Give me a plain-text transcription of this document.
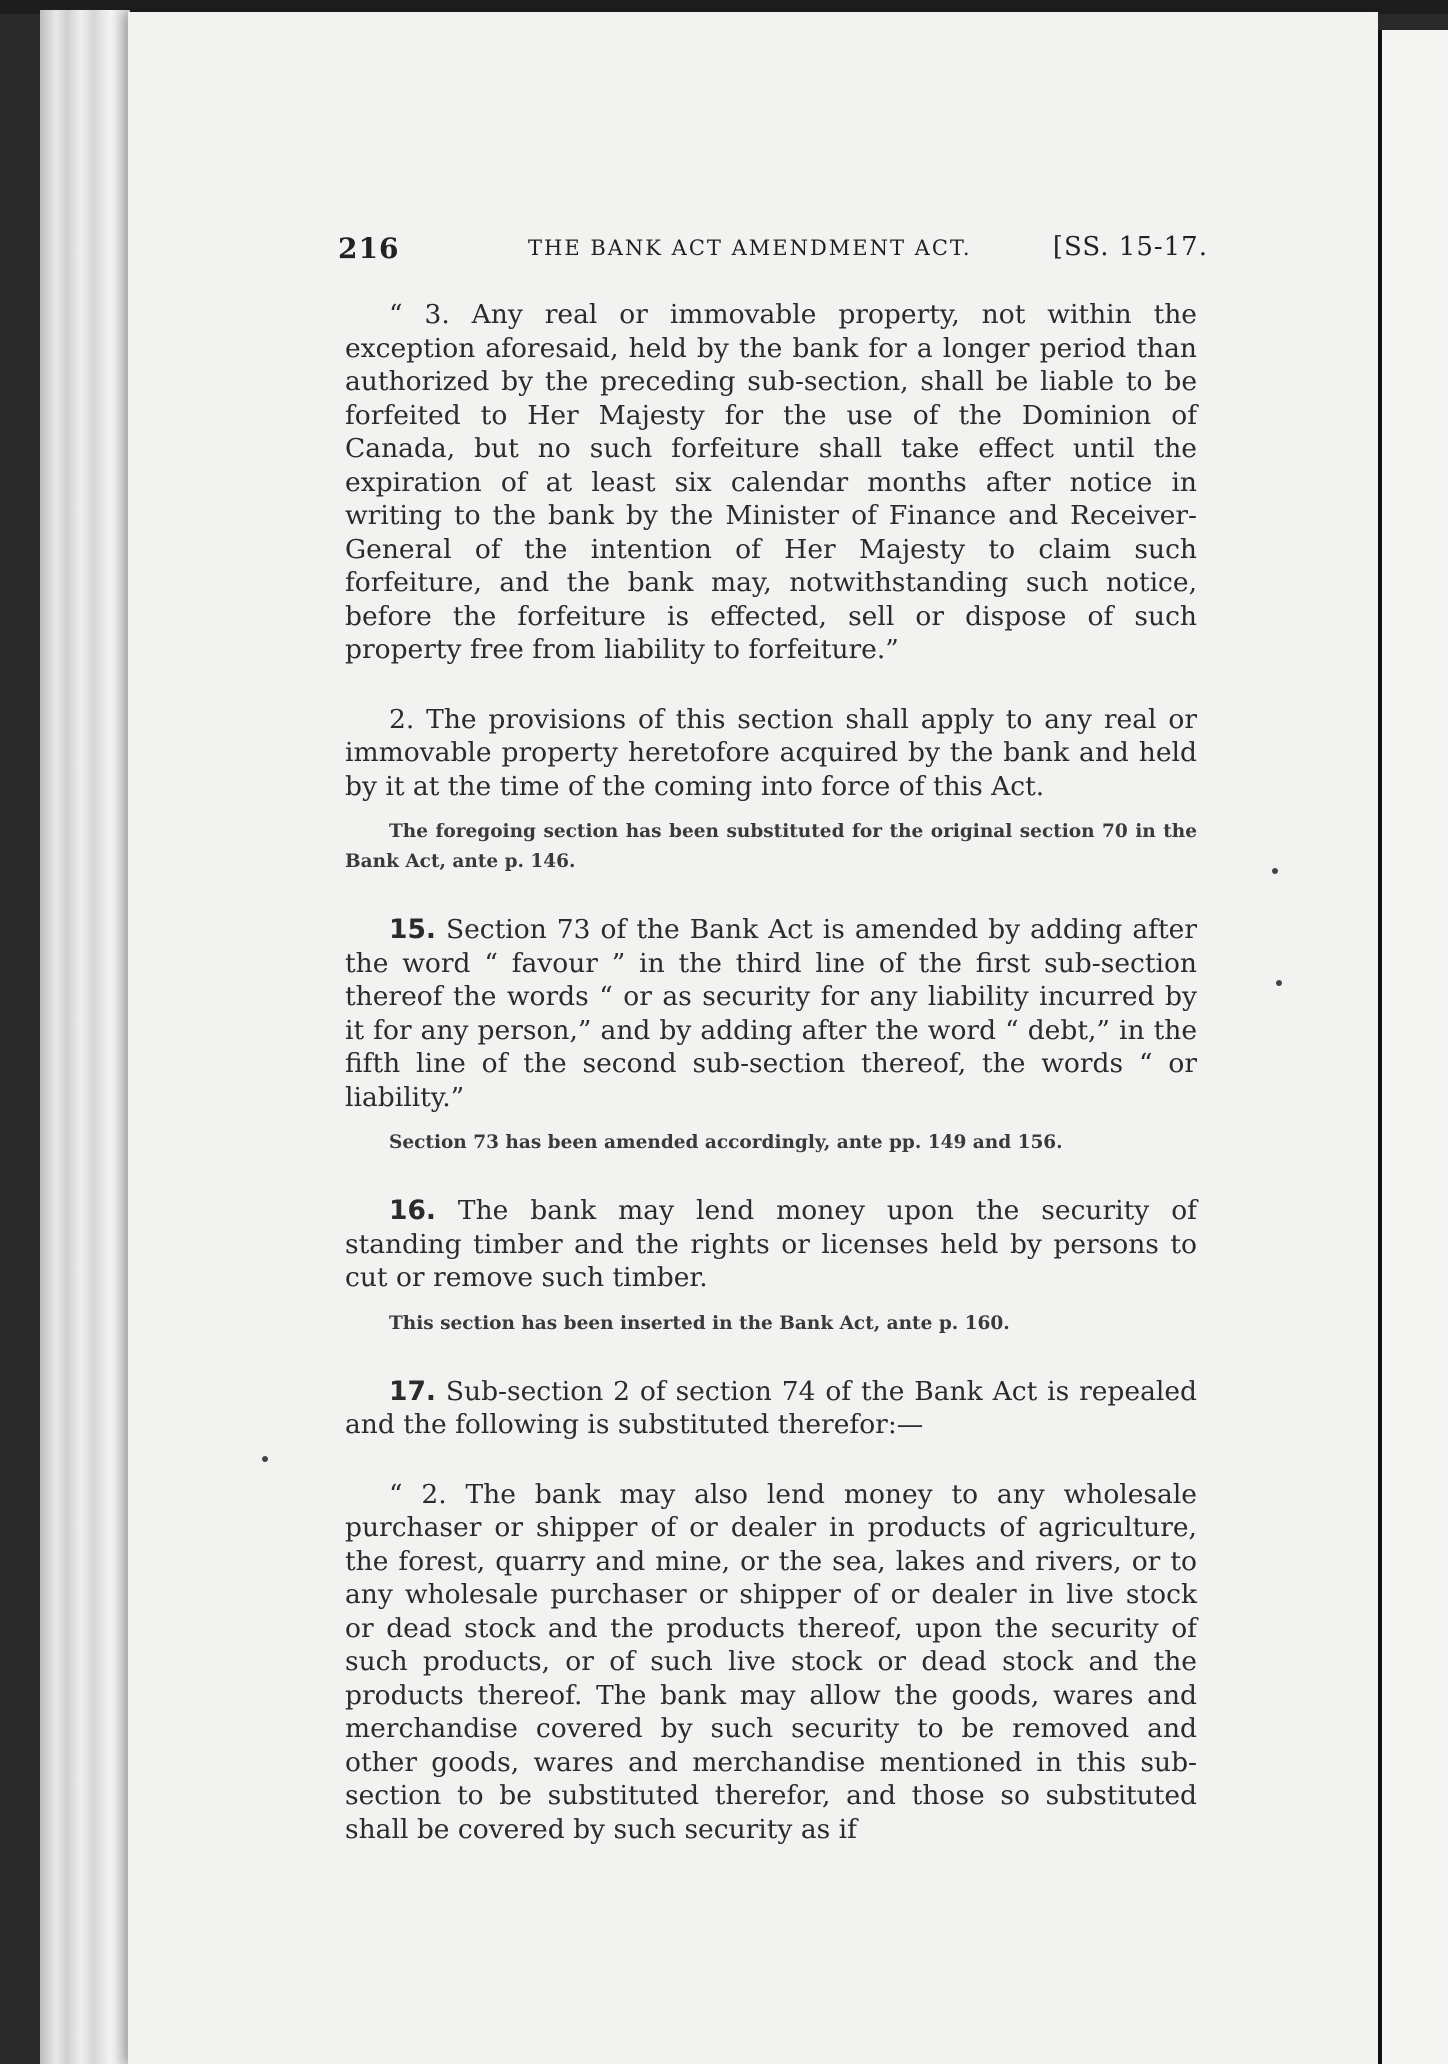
216	THE BANK ACT AMENDMENT ACT.	[SS. 15-17.

“ 3. Any real or immovable property, not within the exception aforesaid, held by the bank for a longer period than authorized by the preceding sub-section, shall be liable to be forfeited to Her Majesty for the use of the Dominion of Canada, but no such forfeiture shall take effect until the expiration of at least six calendar months after notice in writing to the bank by the Minister of Finance and Receiver-General of the intention of Her Majesty to claim such forfeiture, and the bank may, notwithstanding such notice, before the forfeiture is effected, sell or dispose of such property free from liability to forfeiture.”

2. The provisions of this section shall apply to any real or immovable property heretofore acquired by the bank and held by it at the time of the coming into force of this Act.

The foregoing section has been substituted for the original section 70 in the Bank Act, ante p. 146.

15. Section 73 of the Bank Act is amended by adding after the word “ favour ” in the third line of the first sub-section thereof the words “ or as security for any liability incurred by it for any person,” and by adding after the word “ debt,” in the fifth line of the second sub-section thereof, the words “ or liability.”

Section 73 has been amended accordingly, ante pp. 149 and 156.

16. The bank may lend money upon the security of standing timber and the rights or licenses held by persons to cut or remove such timber.

This section has been inserted in the Bank Act, ante p. 160.

17. Sub-section 2 of section 74 of the Bank Act is repealed and the following is substituted therefor:—

“ 2. The bank may also lend money to any wholesale purchaser or shipper of or dealer in products of agriculture, the forest, quarry and mine, or the sea, lakes and rivers, or to any wholesale purchaser or shipper of or dealer in live stock or dead stock and the products thereof, upon the security of such products, or of such live stock or dead stock and the products thereof. The bank may allow the goods, wares and merchandise covered by such security to be removed and other goods, wares and merchandise mentioned in this sub-section to be substituted therefor, and those so substituted shall be covered by such security as if
